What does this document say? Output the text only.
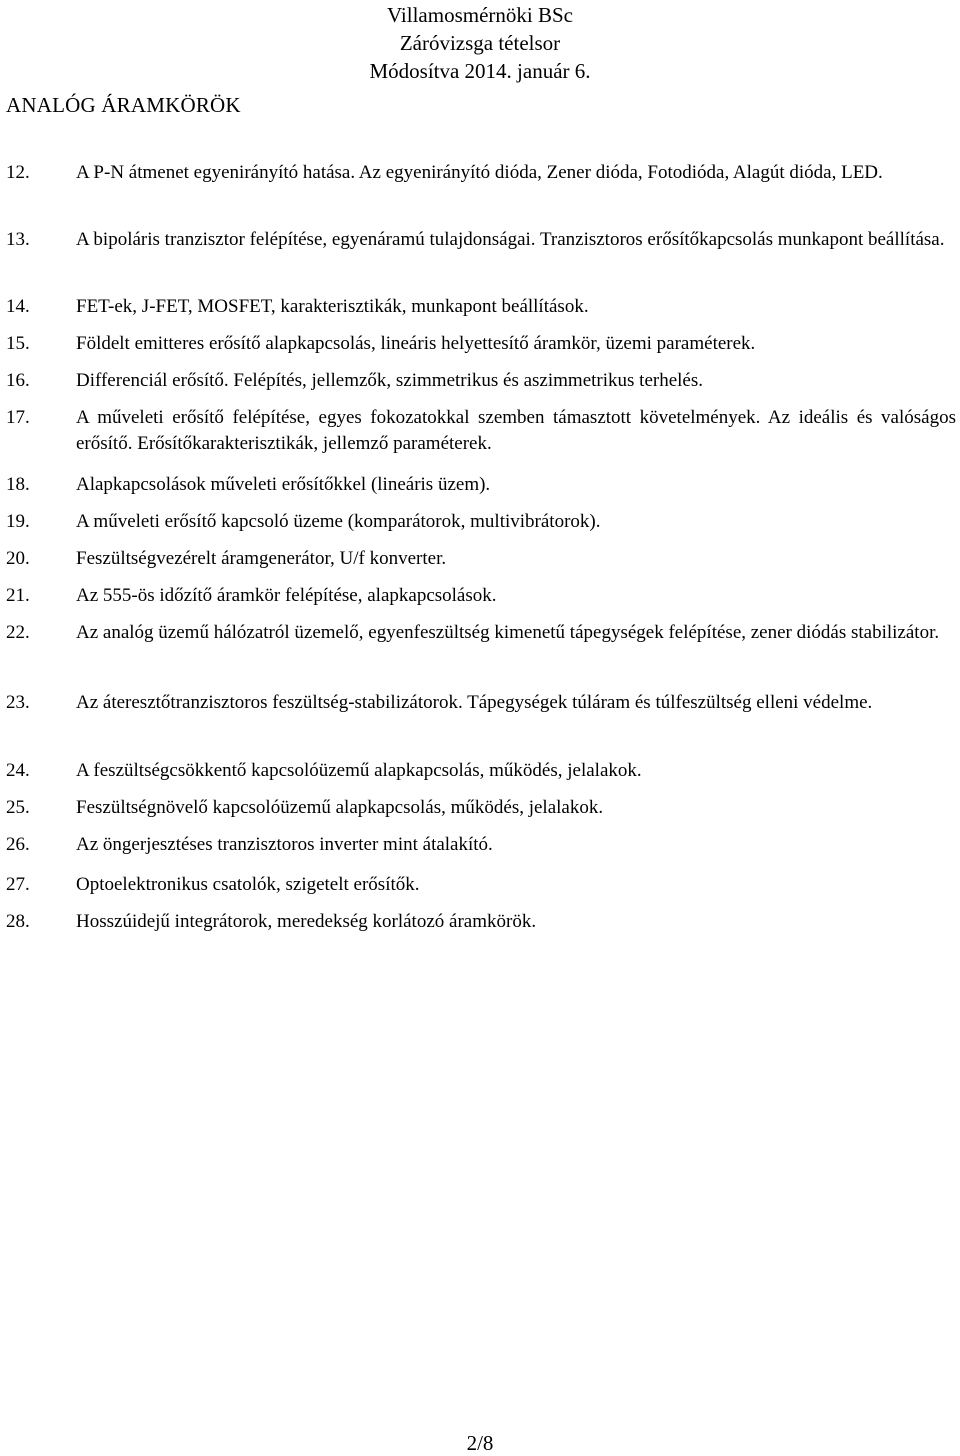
Villamosmérnöki BSc
Záróvizsga tételsor
Módosítva 2014. január 6.
ANALÓG ÁRAMKÖRÖK
12.	A P-N átmenet egyenirányító hatása. Az egyenirányító dióda, Zener dióda, Fotodióda, Alagút dióda, LED.
13.	A bipoláris tranzisztor felépítése, egyenáramú tulajdonságai. Tranzisztoros erősítőkapcsolás munkapont beállítása.
14.	FET-ek, J-FET, MOSFET, karakterisztikák, munkapont beállítások.
15.	Földelt emitteres erősítő alapkapcsolás, lineáris helyettesítő áramkör, üzemi paraméterek.
16.	Differenciál erősítő. Felépítés, jellemzők, szimmetrikus és aszimmetrikus terhelés.
17.	A műveleti erősítő felépítése, egyes fokozatokkal szemben támasztott követelmények. Az ideális és valóságos erősítő. Erősítőkarakterisztikák, jellemző paraméterek.
18.	Alapkapcsolások műveleti erősítőkkel (lineáris üzem).
19.	A műveleti erősítő kapcsoló üzeme (komparátorok, multivibrátorok).
20.	Feszültségvezérelt áramgenerátor, U/f konverter.
21.	Az 555-ös időzítő áramkör felépítése, alapkapcsolások.
22.	Az analóg üzemű hálózatról üzemelő, egyenfeszültség kimenetű tápegységek felépítése, zener diódás stabilizátor.
23.	Az áteresztőtranzisztoros feszültség-stabilizátorok. Tápegységek túláram és túlfeszültség elleni védelme.
24.	A feszültségcsökkentő kapcsolóüzemű alapkapcsolás, működés, jelalakok.
25.	Feszültségnövelő kapcsolóüzemű alapkapcsolás, működés, jelalakok.
26.	Az öngerjesztéses tranzisztoros inverter mint átalakító.
27.	Optoelektronikus csatolók, szigetelt erősítők.
28.	Hosszúidejű integrátorok, meredekség korlátozó áramkörök.
2/8
